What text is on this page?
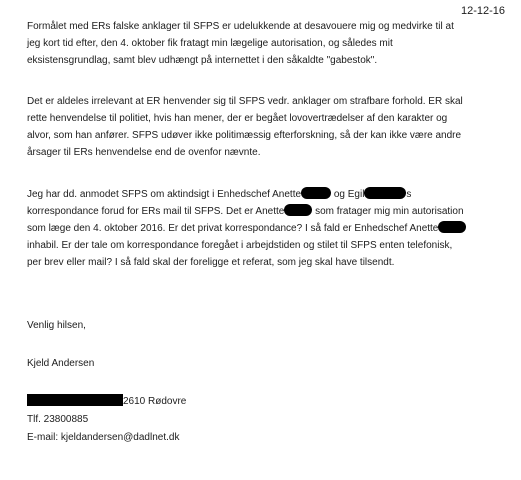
12-12-16
Formålet med ERs falske anklager til SFPS er udelukkende at desavouere mig og medvirke til at
jeg kort tid efter, den 4. oktober fik fratagt min lægelige autorisation, og således mit
eksistensgrundlag, samt blev udhængt på internettet i den såkaldte "gabestok".
Det er aldeles irrelevant at ER henvender sig til SFPS vedr. anklager om strafbare forhold. ER skal
rette henvendelse til politiet, hvis han mener, der er begået lovovertrædelser af den karakter og
alvor, som han anfører. SFPS udøver ikke politimæssig efterforskning, så der kan ikke være andre
årsager til ERs henvendelse end de ovenfor nævnte.
Jeg har dd. anmodet SFPS om aktindsigt i Enhedschef Anette	og Egil	s
korrespondance forud for ERs mail til SFPS. Det er Anette	som fratager mig min autorisation
som læge den 4. oktober 2016. Er det privat korrespondance? I så fald er Enhedschef Anette
inhabil. Er der tale om korrespondance foregået i arbejdstiden og stilet til SFPS enten telefonisk,
per brev eller mail? I så fald skal der foreligge et referat, som jeg skal have tilsendt.
Venlig hilsen,
Kjeld Andersen
2610 Rødovre
Tlf. 23800885
E-mail: kjeldandersen@dadlnet.dk
